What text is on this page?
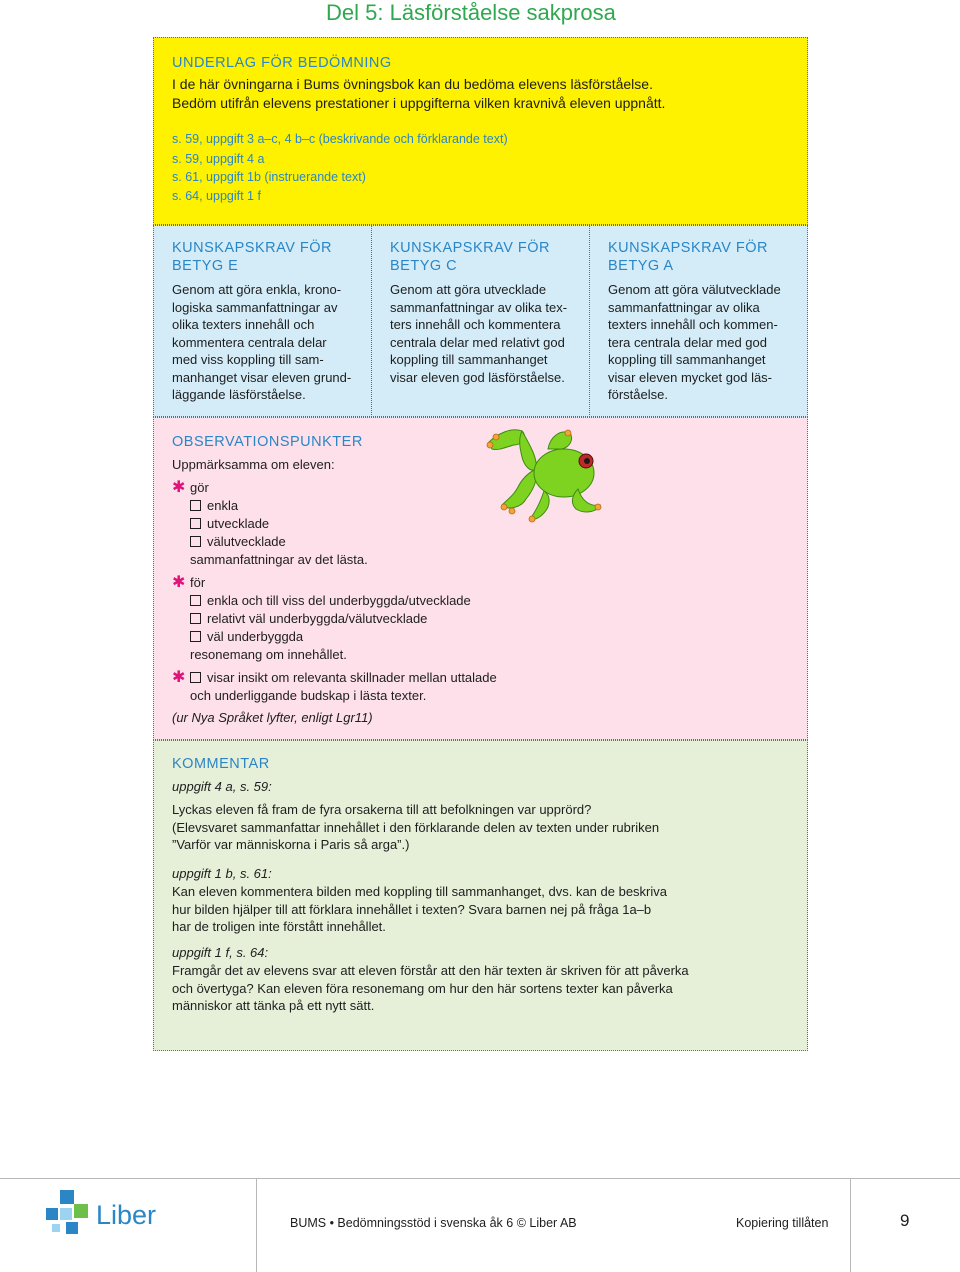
Del 5: Läsförståelse sakprosa
UNDERLAG FÖR BEDÖMNING
I de här övningarna i Bums övningsbok kan du bedöma elevens läsförståelse.
Bedöm utifrån elevens prestationer i uppgifterna vilken kravnivå eleven uppnått.
s. 59, uppgift 3 a–c, 4 b–c (beskrivande och förklarande text)
s. 59, uppgift 4 a
s. 61, uppgift 1b (instruerande text)
s. 64, uppgift 1 f
KUNSKAPSKRAV FÖR
BETYG E
Genom att göra enkla, krono-
logiska sammanfattningar av
olika texters innehåll och
kommentera centrala delar
med viss koppling till sam-
manhanget visar eleven grund-
läggande läsförståelse.
KUNSKAPSKRAV FÖR
BETYG C
Genom att göra utvecklade
sammanfattningar av olika tex-
ters innehåll och kommentera
centrala delar med relativt god
koppling till sammanhanget
visar eleven god läsförståelse.
KUNSKAPSKRAV FÖR
BETYG A
Genom att göra välutvecklade
sammanfattningar av olika
texters innehåll och kommen-
tera centrala delar med god
koppling till sammanhanget
visar eleven mycket god läs-
förståelse.
OBSERVATIONSPUNKTER
Uppmärksamma om eleven:
✱ gör
enkla
utvecklade
välutvecklade
sammanfattningar av det lästa.
✱ för
enkla och till viss del underbyggda/utvecklade
relativt väl underbyggda/välutvecklade
väl underbyggda
resonemang om innehållet.
✱ visar insikt om relevanta skillnader mellan uttalade
och underliggande budskap i lästa texter.
(ur Nya Språket lyfter, enligt Lgr11)
KOMMENTAR
uppgift 4 a, s. 59:
Lyckas eleven få fram de fyra orsakerna till att befolkningen var upprörd?
(Elevsvaret sammanfattar innehållet i den förklarande delen av texten under rubriken
”Varför var människorna i Paris så arga”.)
uppgift 1 b, s. 61:
Kan eleven kommentera bilden med koppling till sammanhanget, dvs. kan de beskriva
hur bilden hjälper till att förklara innehållet i texten? Svara barnen nej på fråga 1a–b
har de troligen inte förstått innehållet.
uppgift 1 f, s. 64:
Framgår det av elevens svar att eleven förstår att den här texten är skriven för att påverka
och övertyga? Kan eleven föra resonemang om hur den här sortens texter kan påverka
människor att tänka på ett nytt sätt.
Liber	BUMS • Bedömningsstöd i svenska åk 6 © Liber AB	Kopiering tillåten	9
